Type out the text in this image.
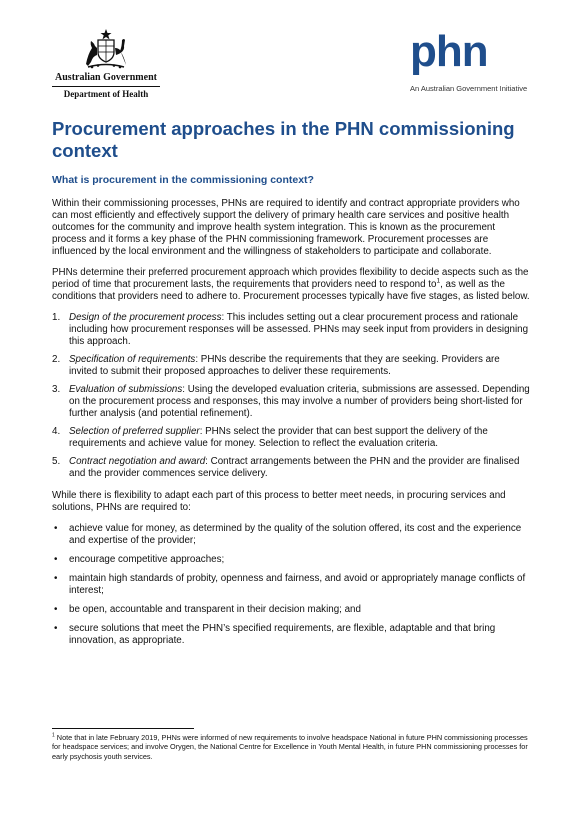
Australian Government
Department of Health
phn
An Australian Government Initiative
Procurement approaches in the PHN commissioning context
What is procurement in the commissioning context?

Within their commissioning processes, PHNs are required to identify and contract appropriate providers who can most efficiently and effectively support the delivery of primary health care services and positive health outcomes for the community and improve health system integration. This is known as the procurement process and it forms a key phase of the PHN commissioning framework. Procurement processes are influenced by the local environment and the willingness of stakeholders to participate and collaborate.

PHNs determine their preferred procurement approach which provides flexibility to decide aspects such as the period of time that procurement lasts, the requirements that providers need to respond $to^1$, as well as the conditions that providers need to adhere to. Procurement processes typically have five stages, as listed below.

1. Design of the procurement process: This includes setting out a clear procurement process and rationale including how procurement responses will be assessed. PHNs may seek input from providers in designing this approach.
2. Specification of requirements: PHNs describe the requirements that they are seeking. Providers are invited to submit their proposed approaches to deliver these requirements.
3. Evaluation of submissions: Using the developed evaluation criteria, submissions are assessed. Depending on the procurement process and responses, this may involve a number of providers being short-listed for further analysis (and potential refinement).
4. Selection of preferred supplier: PHNs select the provider that can best support the delivery of the requirements and achieve value for money. Selection to reflect the evaluation criteria.
5. Contract negotiation and award: Contract arrangements between the PHN and the provider are finalised and the provider commences service delivery.

While there is flexibility to adapt each part of this process to better meet needs, in procuring services and solutions, PHNs are required to:

• achieve value for money, as determined by the quality of the solution offered, its cost and the experience and expertise of the provider;
• encourage competitive approaches;
• maintain high standards of probity, openness and fairness, and avoid or appropriately manage conflicts of interest;
• be open, accountable and transparent in their decision making; and
• secure solutions that meet the PHN’s specified requirements, are flexible, adaptable and that bring innovation, as appropriate.

$^1$ Note that in late February 2019, PHNs were informed of new requirements to involve headspace National in future PHN commissioning processes for headspace services; and involve Orygen, the National Centre for Excellence in Youth Mental Health, in future PHN commissioning processes for early psychosis youth services.
